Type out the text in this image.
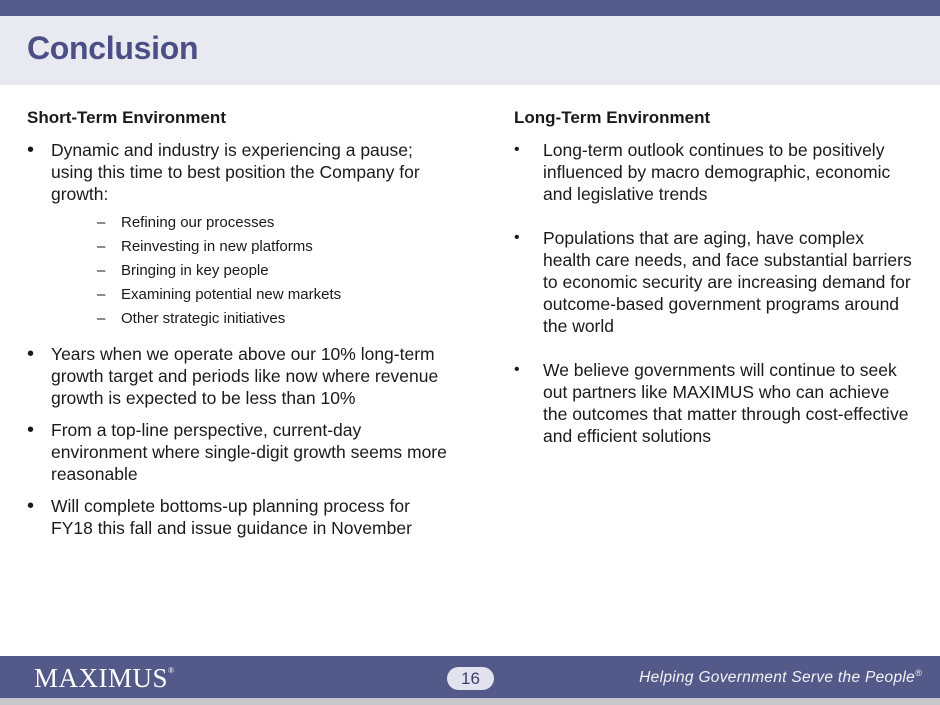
Conclusion
Short-Term Environment
• Dynamic and industry is experiencing a pause; using this time to best position the Company for growth:
– Refining our processes
– Reinvesting in new platforms
– Bringing in key people
– Examining potential new markets
– Other strategic initiatives
• Years when we operate above our 10% long-term growth target and periods like now where revenue growth is expected to be less than 10%
• From a top-line perspective, current-day environment where single-digit growth seems more reasonable
• Will complete bottoms-up planning process for FY18 this fall and issue guidance in November
Long-Term Environment
• Long-term outlook continues to be positively influenced by macro demographic, economic and legislative trends
• Populations that are aging, have complex health care needs, and face substantial barriers to economic security are increasing demand for outcome-based government programs around the world
• We believe governments will continue to seek out partners like MAXIMUS who can achieve the outcomes that matter through cost-effective and efficient solutions
MAXIMUS®	16	Helping Government Serve the People®
